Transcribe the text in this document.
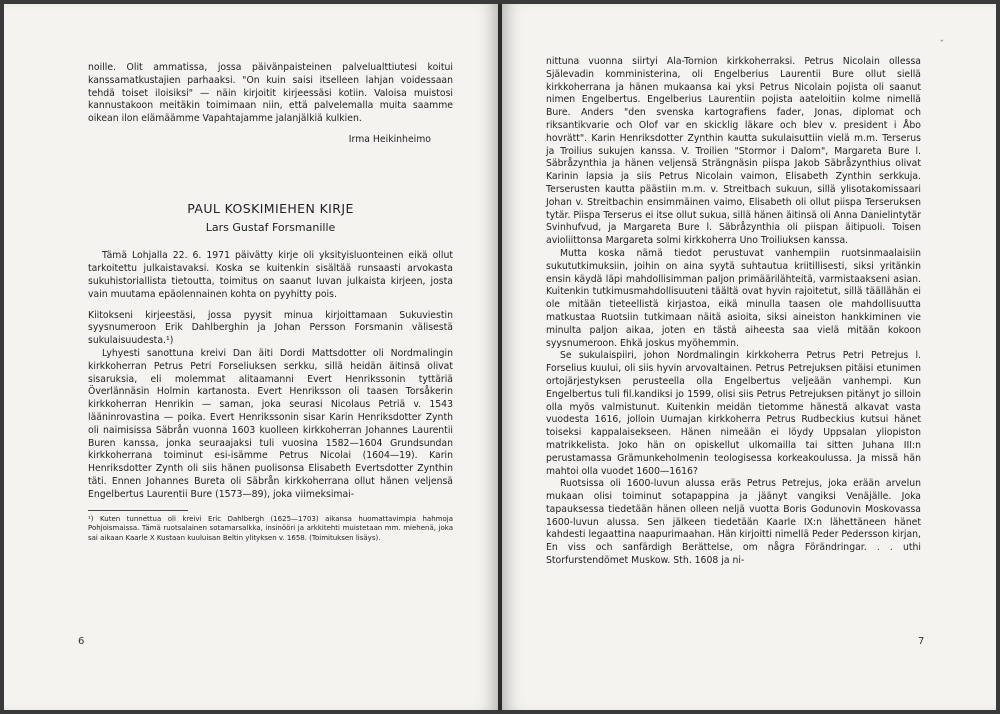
noille. Olit ammatissa, jossa päivänpaisteinen palvelualttiutesi koitui kanssamatkustajien parhaaksi. "On kuin saisi itselleen lahjan voidessaan tehdä toiset iloisiksi" — näin kirjoitit kirjeessäsi kotiin. Valoisa muistosi kannustakoon meitäkin toimimaan niin, että palvelemalla muita saamme oikean ilon elämäämme Vapahtajamme jalanjälkiä kulkien.

Irma Heikinheimo

PAUL KOSKIMIEHEN KIRJE

Lars Gustaf Forsmanille

Tämä Lohjalla 22. 6. 1971 päivätty kirje oli yksityisluonteinen eikä ollut tarkoitettu julkaistavaksi. Koska se kuitenkin sisältää runsaasti arvokasta sukuhistoriallista tietoutta, toimitus on saanut luvan julkaista kirjeen, josta vain muutama epäolennainen kohta on pyyhitty pois.

Kiitokseni kirjeestäsi, jossa pyysit minua kirjoittamaan Sukuviestin syysnumeroon Erik Dahlberghin ja Johan Persson Forsmanin välisestä sukulaisuudesta.¹)

Lyhyesti sanottuna kreivi Dan äiti Dordi Mattsdotter oli Nordmalingin kirkkoherran Petrus Petri Forseliuksen serkku, sillä heidän äitinsä olivat sisaruksia, eli molemmat alitaamanni Evert Henrikssonin tyttäriä Överlännäsin Holmin kartanosta. Evert Henriksson oli taasen Torsåkerin kirkkoherran Henrikin — saman, joka seurasi Nicolaus Petriä v. 1543 lääninrovastina — poika. Evert Henrikssonin sisar Karin Henriksdotter Zynth oli naimisissa Säbrån vuonna 1603 kuolleen kirkkoherran Johannes Laurentii Buren kanssa, jonka seuraajaksi tuli vuosina 1582—1604 Grundsundan kirkkoherrana toiminut esi-isämme Petrus Nicolai (1604—19). Karin Henriksdotter Zynth oli siis hänen puolisonsa Elisabeth Evertsdotter Zynthin täti. Ennen Johannes Bureta oli Säbrån kirkkoherrana ollut hänen veljensä Engelbertus Laurentii Bure (1573—89), joka viimeksimai-

¹) Kuten tunnettua oli kreivi Eric Dahlbergh (1625—1703) aikansa huomattavimpia hahmoja Pohjoismaissa. Tämä ruotsalainen sotamarsalkka, insinööri ja arkkitehti muistetaan mm. miehenä, joka sai aikaan Kaarle X Kustaan kuuluisan Beltin ylityksen v. 1658. (Toimituksen lisäys).

6
ˇ

nittuna vuonna siirtyi Ala-Tornion kirkkoherraksi. Petrus Nicolain ollessa Själevadin komministerina, oli Engelberius Laurentii Bure ollut siellä kirkkoherrana ja hänen mukaansa kai yksi Petrus Nicolain pojista oli saanut nimen Engelbertus. Engelberius Laurentiin pojista aateloitiin kolme nimellä Bure. Anders "den svenska kartografiens fader, Jonas, diplomat och riksantikvarie och Olof var en skicklig läkare och blev v. president i Åbo hovrätt". Karin Henriksdotter Zynthin kautta sukulaisuttiin vielä m.m. Terserus ja Troilius sukujen kanssa. V. Troilien "Stormor i Dalom", Margareta Bure l. Säbråzynthia ja hänen veljensä Strängnäsin piispa Jakob Säbråzynthius olivat Karinin lapsia ja siis Petrus Nicolain vaimon, Elisabeth Zynthin serkkuja. Terserusten kautta päästiin m.m. v. Streitbach sukuun, sillä ylisotakomissaari Johan v. Streitbachin ensimmäinen vaimo, Elisabeth oli ollut piispa Terseruksen tytär. Piispa Terserus ei itse ollut sukua, sillä hänen äitinsä oli Anna Danielintytär Svinhufvud, ja Margareta Bure l. Säbråzynthia oli piispan äitipuoli. Toisen avioliittonsa Margareta solmi kirkkoherra Uno Troiliuksen kanssa.

Mutta koska nämä tiedot perustuvat vanhempiin ruotsinmaalaisiin sukututkimuksiin, joihin on aina syytä suhtautua kriitillisesti, siksi yritänkin ensin käydä läpi mahdollisimman paljon primäärilähteitä, varmistaakseni asian. Kuitenkin tutkimusmahdollisuuteni täältä ovat hyvin rajoitetut, sillä täällähän ei ole mitään tieteellistä kirjastoa, eikä minulla taasen ole mahdollisuutta matkustaa Ruotsiin tutkimaan näitä asioita, siksi aineiston hankkiminen vie minulta paljon aikaa, joten en tästä aiheesta saa vielä mitään kokoon syysnumeroon. Ehkä joskus myöhemmin.

Se sukulaispiiri, johon Nordmalingin kirkkoherra Petrus Petri Petrejus l. Forselius kuului, oli siis hyvin arvovaltainen. Petrus Petrejuksen pitäisi etunimen ortojärjestyksen perusteella olla Engelbertus veljeään vanhempi. Kun Engelbertus tuli fil.kandiksi jo 1599, olisi siis Petrus Petrejuksen pitänyt jo silloin olla myös valmistunut. Kuitenkin meidän tietomme hänestä alkavat vasta vuodesta 1616, jolloin Uumajan kirkkoherra Petrus Rudbeckius kutsui hänet toiseksi kappalaisekseen. Hänen nimeään ei löydy Uppsalan yliopiston matrikkelista. Joko hän on opiskellut ulkomailla tai sitten Juhana III:n perustamassa Grämunkeholmenin teologisessa korkeakoulussa. Ja missä hän mahtoi olla vuodet 1600—1616?

Ruotsissa oli 1600-luvun alussa eräs Petrus Petrejus, joka erään arvelun mukaan olisi toiminut sotapappina ja jäänyt vangiksi Venäjälle. Joka tapauksessa tiedetään hänen olleen neljä vuotta Boris Godunovin Moskovassa 1600-luvun alussa. Sen jälkeen tiedetään Kaarle IX:n lähettäneen hänet kahdesti legaattina naapurimaahan. Hän kirjoitti nimellä Peder Pedersson kirjan, En viss och sanfärdigh Berättelse, om några Förändringar. . . uthi Storfurstendömet Muskow. Sth. 1608 ja ni-

7
